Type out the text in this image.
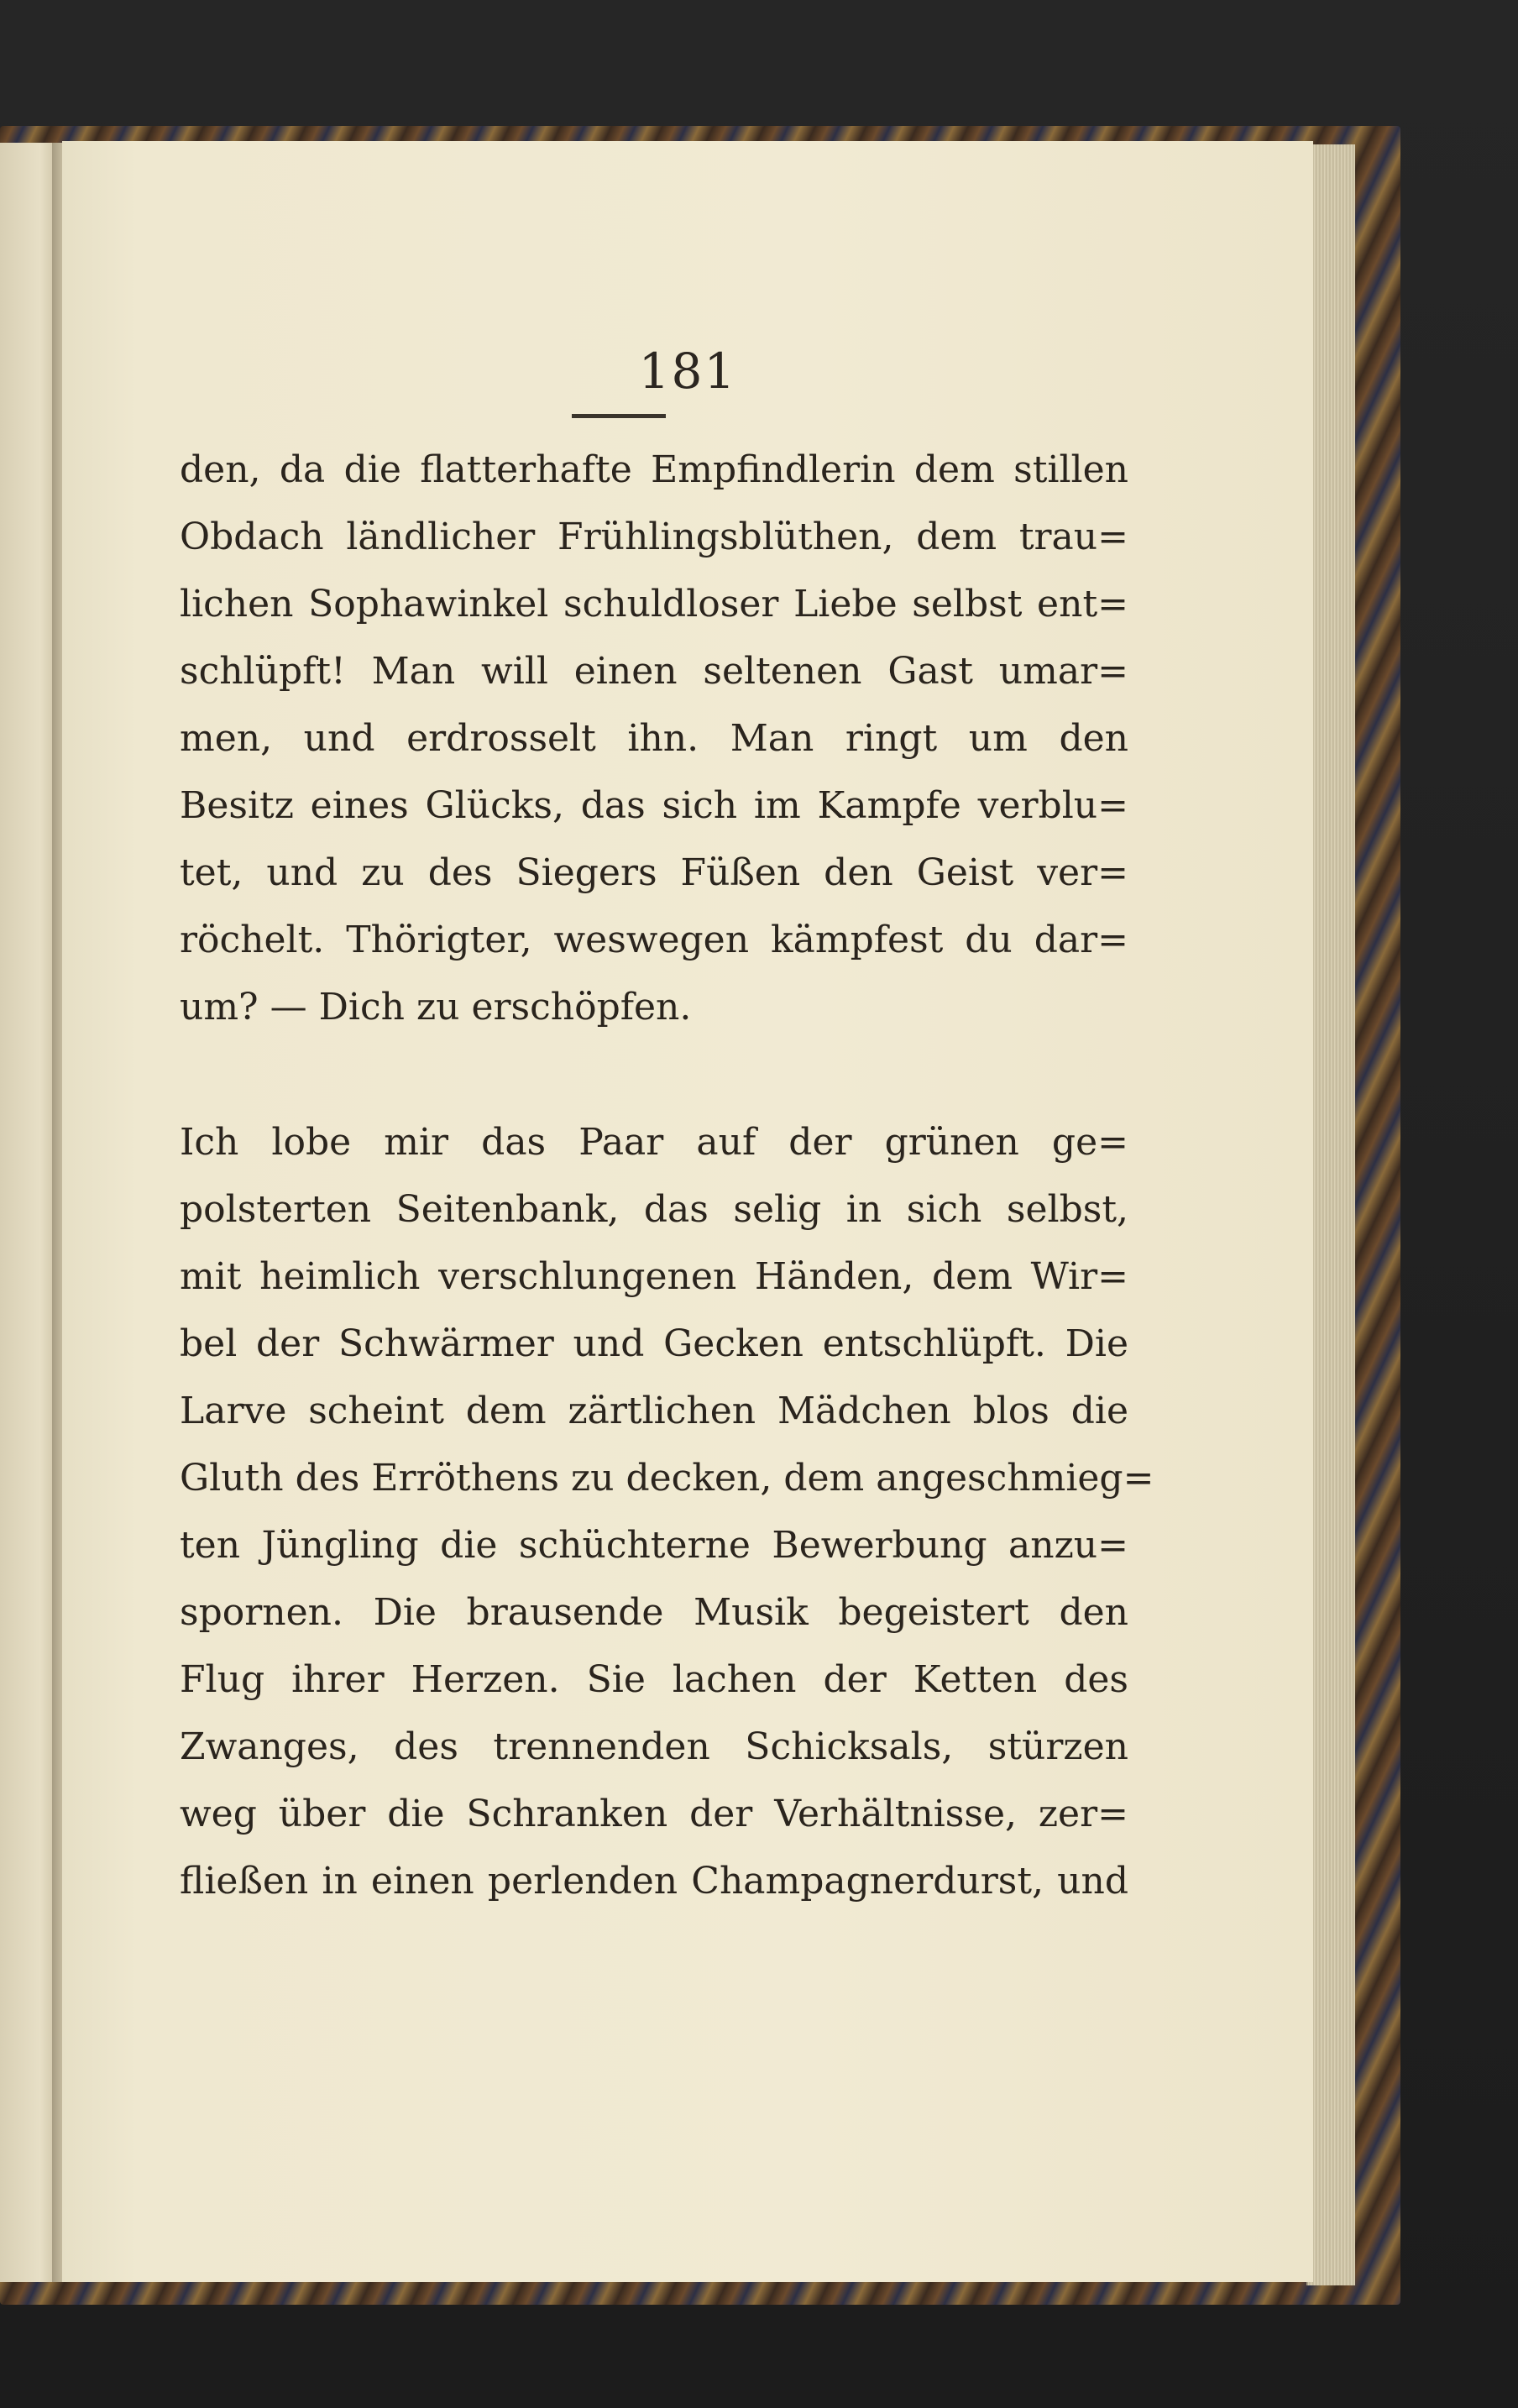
181
den, da die flatterhafte Empfindlerin dem stillen
Obdach ländlicher Frühlingsblüthen, dem trau=
lichen Sophawinkel schuldloser Liebe selbst ent=
schlüpft! Man will einen seltenen Gast umar=
men, und erdrosselt ihn. Man ringt um den
Besitz eines Glücks, das sich im Kampfe verblu=
tet, und zu des Siegers Füßen den Geist ver=
röchelt. Thörigter, weswegen kämpfest du dar=
um? — Dich zu erschöpfen.
Ich lobe mir das Paar auf der grünen ge=
polsterten Seitenbank, das selig in sich selbst,
mit heimlich verschlungenen Händen, dem Wir=
bel der Schwärmer und Gecken entschlüpft. Die
Larve scheint dem zärtlichen Mädchen blos die
Gluth des Erröthens zu decken, dem angeschmieg=
ten Jüngling die schüchterne Bewerbung anzu=
spornen. Die brausende Musik begeistert den
Flug ihrer Herzen. Sie lachen der Ketten des
Zwanges, des trennenden Schicksals, stürzen
weg über die Schranken der Verhältnisse, zer=
fließen in einen perlenden Champagnerdurst, und
